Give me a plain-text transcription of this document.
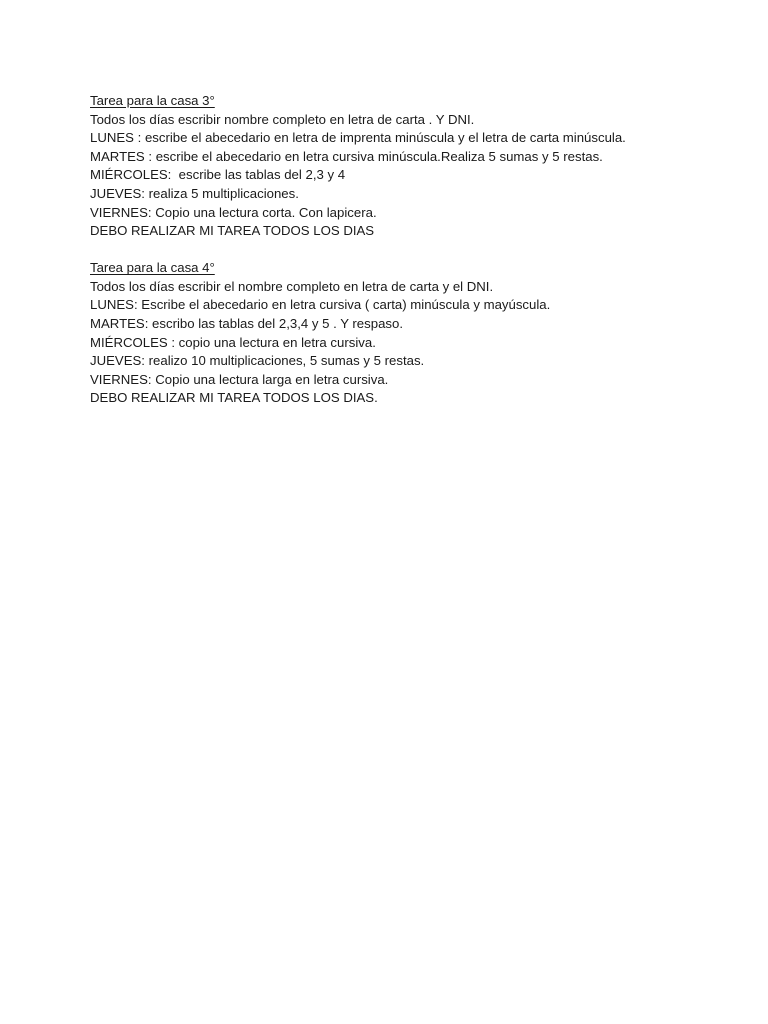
Tarea para la casa 3°

Todos los días escribir nombre completo en letra de carta . Y DNI.

LUNES : escribe el abecedario en letra de imprenta minúscula y el letra de carta minúscula.

MARTES : escribe el abecedario en letra cursiva minúscula.Realiza 5 sumas y 5 restas.

MIÉRCOLES:  escribe las tablas del 2,3 y 4

JUEVES: realiza 5 multiplicaciones.

VIERNES: Copio una lectura corta. Con lapicera.

DEBO REALIZAR MI TAREA TODOS LOS DIAS

Tarea para la casa 4°

Todos los días escribir el nombre completo en letra de carta y el DNI.

LUNES: Escribe el abecedario en letra cursiva ( carta) minúscula y mayúscula.

MARTES: escribo las tablas del 2,3,4 y 5 . Y respaso.

MIÉRCOLES : copio una lectura en letra cursiva.

JUEVES: realizo 10 multiplicaciones, 5 sumas y 5 restas.

VIERNES: Copio una lectura larga en letra cursiva.

DEBO REALIZAR MI TAREA TODOS LOS DIAS.
